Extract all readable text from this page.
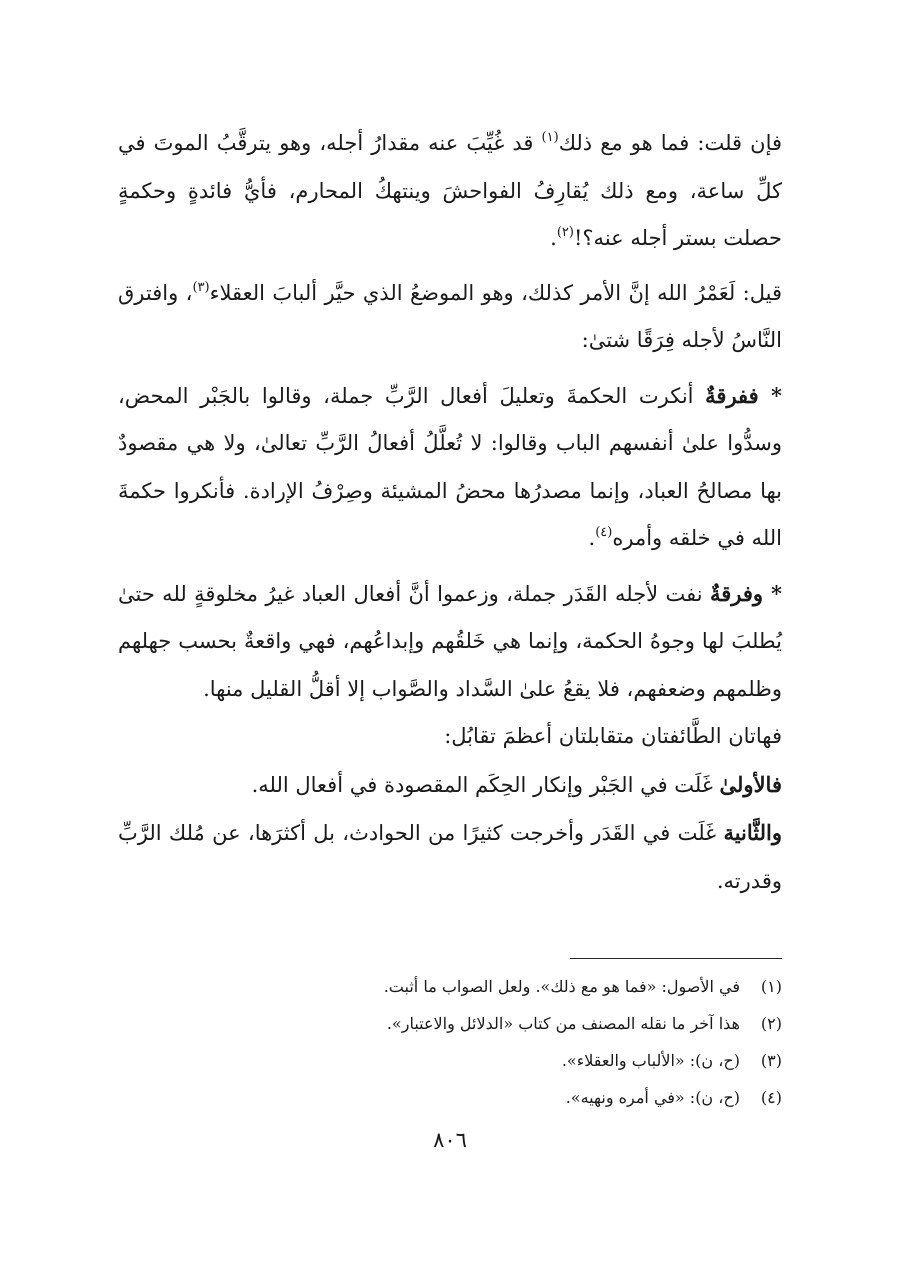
فإن قلت: فما هو مع ذلك$^{(١)}$ قد غُيِّبَ عنه مقدارُ أجله، وهو يترقَّبُ الموتَ في كلِّ ساعة، ومع ذلك يُقارِفُ الفواحشَ وينتهكُ المحارم، فأيُّ فائدةٍ وحكمةٍ حصلت بستر أجله عنه؟!$^{(٢)}$.

قيل: لَعَمْرُ الله إنَّ الأمر كذلك، وهو الموضعُ الذي حيَّر ألبابَ العقلاء$^{(٣)}$، وافترق النَّاسُ لأجله فِرَقًا شتىٰ:

* ففرقةٌ أنكرت الحكمةَ وتعليلَ أفعال الرَّبِّ جملة، وقالوا بالجَبْر المحض، وسدُّوا علىٰ أنفسهم الباب وقالوا: لا تُعلَّلُ أفعالُ الرَّبِّ تعالىٰ، ولا هي مقصودٌ بها مصالحُ العباد، وإنما مصدرُها محضُ المشيئة وصِرْفُ الإرادة. فأنكروا حكمةَ الله في خلقه وأمره$^{(٤)}$.

* وفرقةٌ نفت لأجله القَدَر جملة، وزعموا أنَّ أفعال العباد غيرُ مخلوقةٍ لله حتىٰ يُطلبَ لها وجوهُ الحكمة، وإنما هي خَلقُهم وإبداعُهم، فهي واقعةٌ بحسب جهلهم وظلمهم وضعفهم، فلا يقعُ علىٰ السَّداد والصَّواب إلا أقلُّ القليل منها.

فهاتان الطَّائفتان متقابلتان أعظمَ تقابُل:

فالأولىٰ غَلَت في الجَبْر وإنكار الحِكَم المقصودة في أفعال الله.

والثَّانية غَلَت في القَدَر وأخرجت كثيرًا من الحوادث، بل أكثرَها، عن مُلك الرَّبِّ وقدرته.

(١)
في الأصول: «فما هو مع ذلك». ولعل الصواب ما أثبت.
(٢)
هذا آخر ما نقله المصنف من كتاب «الدلائل والاعتبار».
(٣)
(ح، ن): «الألباب والعقلاء».
(٤)
(ح، ن): «في أمره ونهيه».
٨٠٦
